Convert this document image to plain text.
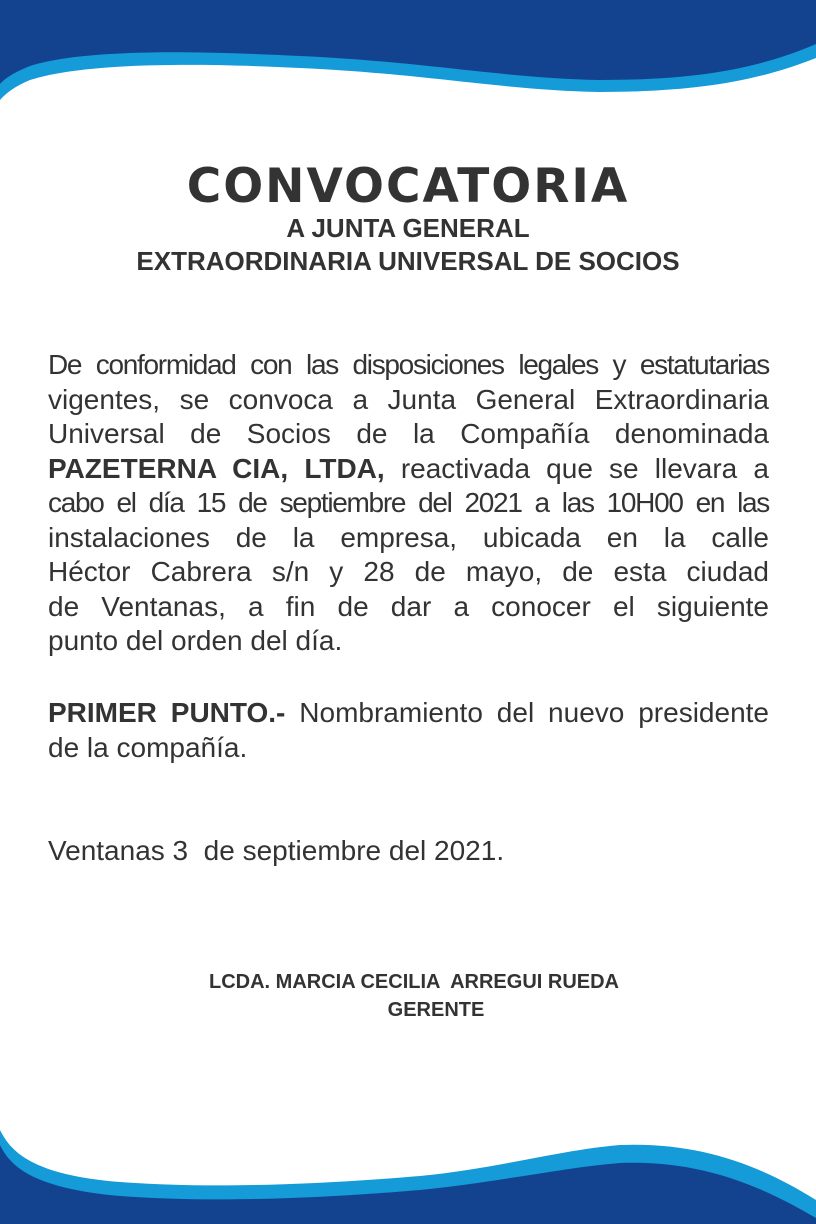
CONVOCATORIA
A JUNTA GENERAL
EXTRAORDINARIA UNIVERSAL DE SOCIOS
De conformidad con las disposiciones legales y estatutarias
vigentes, se convoca a Junta General Extraordinaria
Universal de Socios de la Compañía denominada
PAZETERNA CIA, LTDA, reactivada que se llevara a
cabo el día 15 de septiembre del 2021 a las 10H00 en las
instalaciones de la empresa, ubicada en la calle
Héctor Cabrera s/n y 28 de mayo, de esta ciudad
de Ventanas, a fin de dar a conocer el siguiente
punto del orden del día.
PRIMER PUNTO.- Nombramiento del nuevo presidente
de la compañía.
Ventanas 3  de septiembre del 2021.
LCDA. MARCIA CECILIA  ARREGUI RUEDA
GERENTE
